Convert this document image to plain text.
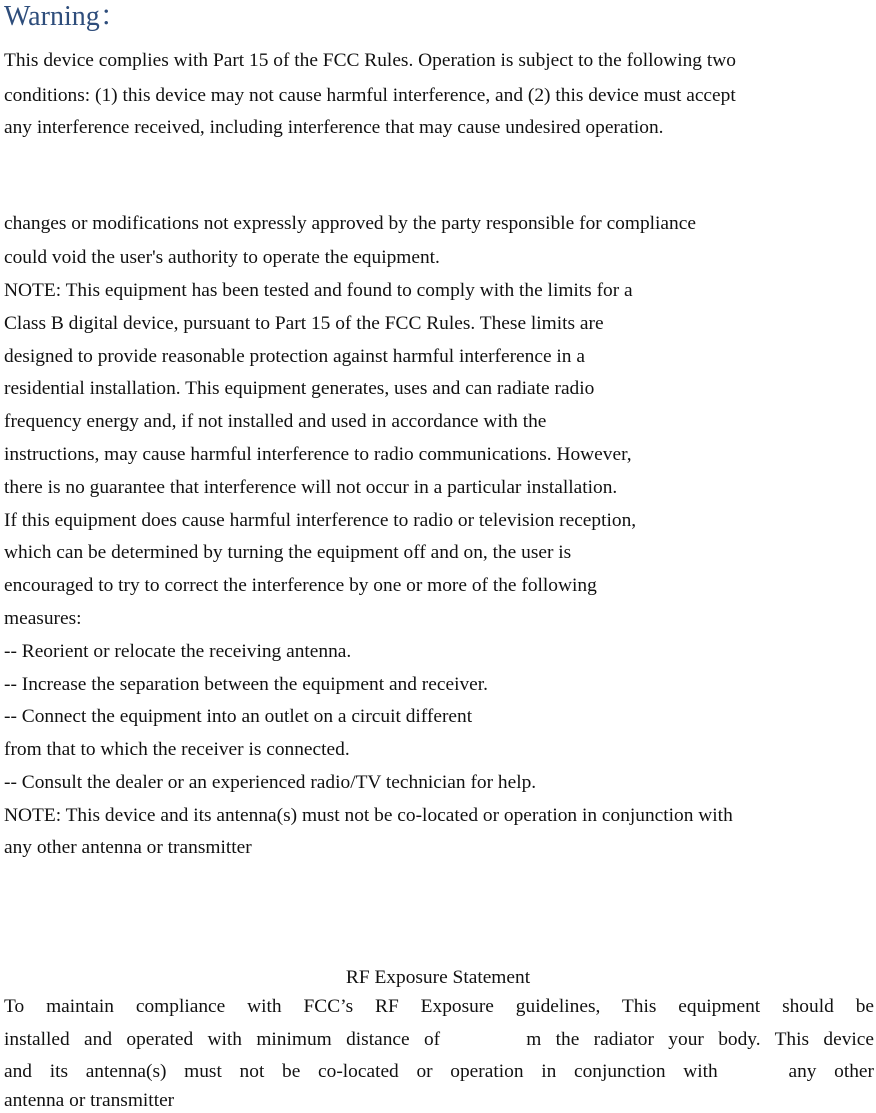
Warning：

This device complies with Part 15 of the FCC Rules. Operation is subject to the following two

conditions: (1) this device may not cause harmful interference, and (2) this device must accept

any interference received, including interference that may cause undesired operation.

changes or modifications not expressly approved by the party responsible for compliance

could void the user's authority to operate the equipment.

NOTE: This equipment has been tested and found to comply with the limits for a

Class B digital device, pursuant to Part 15 of the FCC Rules. These limits are

designed to provide reasonable protection against harmful interference in a

residential installation. This equipment generates, uses and can radiate radio

frequency energy and, if not installed and used in accordance with the

instructions, may cause harmful interference to radio communications. However,

there is no guarantee that interference will not occur in a particular installation.

If this equipment does cause harmful interference to radio or television reception,

which can be determined by turning the equipment off and on, the user is

encouraged to try to correct the interference by one or more of the following

measures:

-- Reorient or relocate the receiving antenna.

-- Increase the separation between the equipment and receiver.

-- Connect the equipment into an outlet on a circuit different

from that to which the receiver is connected.

-- Consult the dealer or an experienced radio/TV technician for help.

NOTE: This device and its antenna(s) must not be co-located or operation in conjunction with

any other antenna or transmitter

RF Exposure Statement
To maintain compliance with FCC’s RF Exposure guidelines, This equipment should be
installed and operated with minimum distance of      m the radiator your body. This device
and its antenna(s) must not be co-located or operation in conjunction with    any other
antenna or transmitter
